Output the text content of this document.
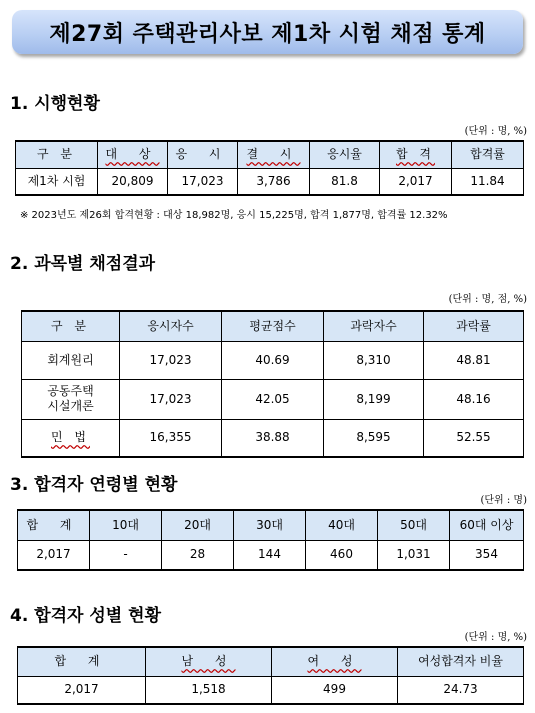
제27회 주택관리사보 제1차 시험 채점 통계
1. 시행현황
(단위 : 명, %)
구 분	대 상	응 시	결 시	응시율	합 격	합격률
제1차 시험	20,809	17,023	3,786	81.8	2,017	11.84
※ 2023년도 제26회 합격현황 : 대상 18,982명, 응시 15,225명, 합격 1,877명, 합격률 12.32%
2. 과목별 채점결과
(단위 : 명, 점, %)
구 분	응시자수	평균점수	과락자수	과락률
회계원리	17,023	40.69	8,310	48.81
공동주택
시설개론	17,023	42.05	8,199	48.16
민 법	16,355	38.88	8,595	52.55
3. 합격자 연령별 현황
(단위 : 명)
합 계	10대	20대	30대	40대	50대	60대 이상
2,017	-	28	144	460	1,031	354
4. 합격자 성별 현황
(단위 : 명, %)
합 계	남 성	여 성	여성합격자 비율
2,017	1,518	499	24.73
